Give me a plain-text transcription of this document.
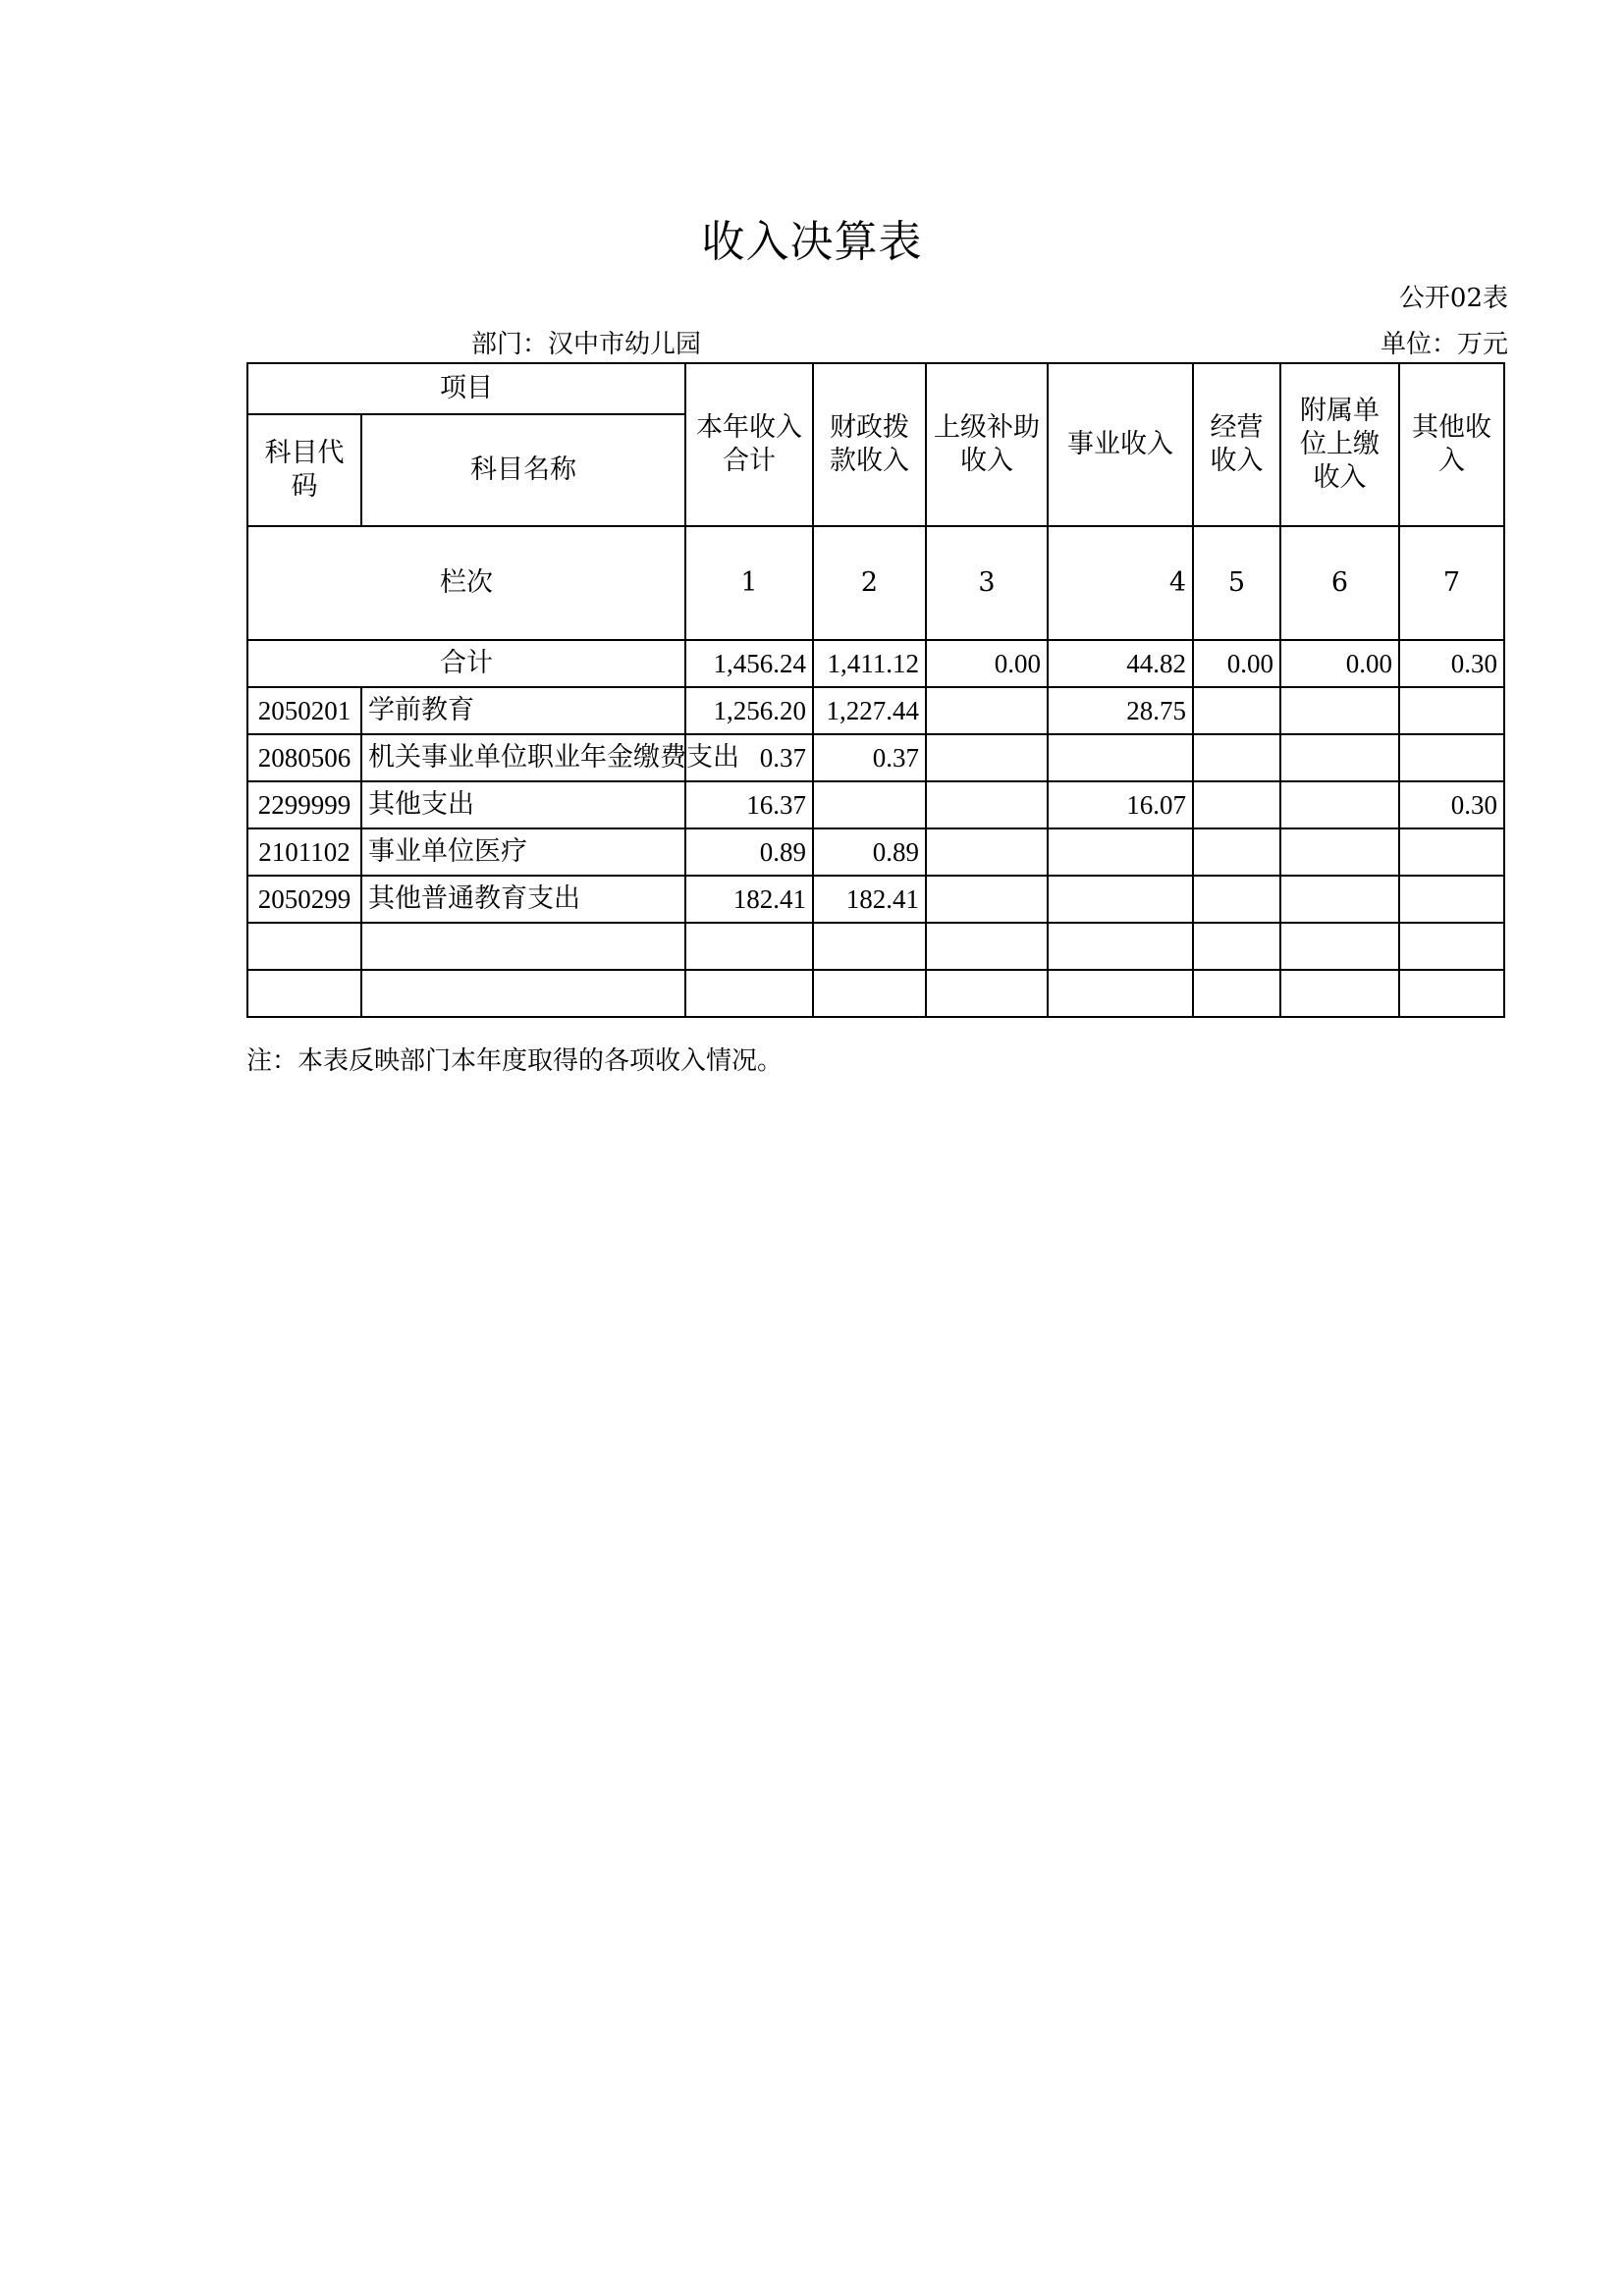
收入决算表
公开02表
部门：汉中市幼儿园	单位：万元
项目		本年收入合计	财政拨款收入	上级补助收入	事业收入	经营收入	附属单位上缴收入	其他收入
科目代码	科目名称							
栏次		1	2	3	4	5	6	7
合计		1,456.24	1,411.12	0.00	44.82	0.00	0.00	0.30
2050201	学前教育	1,256.20	1,227.44		28.75			
2080506	机关事业单位职业年金缴费支出	0.37	0.37					
2299999	其他支出	16.37			16.07			0.30
2101102	事业单位医疗	0.89	0.89					
2050299	其他普通教育支出	182.41	182.41					

注：本表反映部门本年度取得的各项收入情况。
